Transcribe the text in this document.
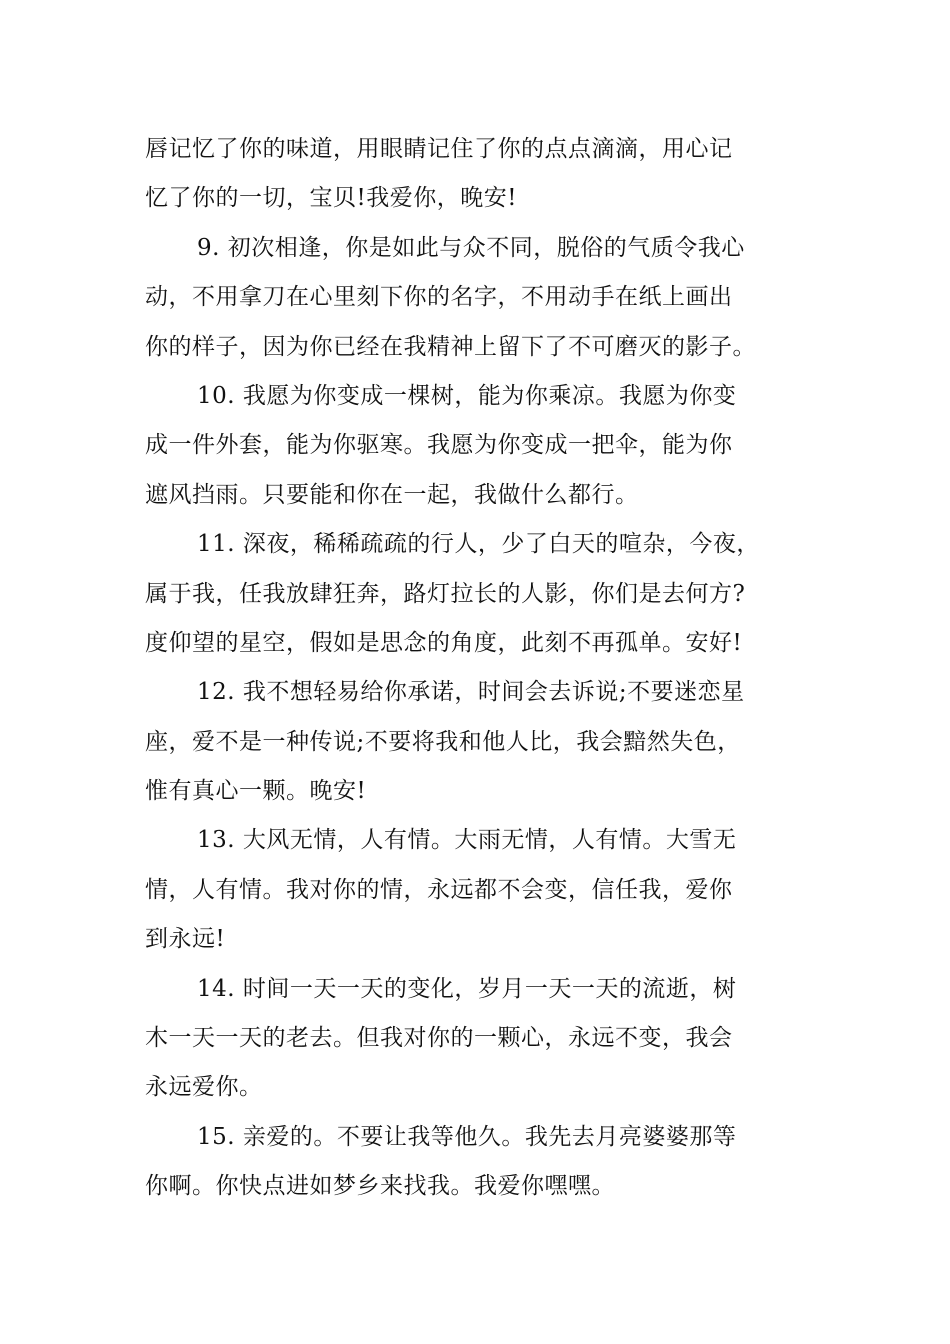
唇记忆了你的味道，用眼睛记住了你的点点滴滴，用心记
忆了你的一切，宝贝!我爱你，晚安!
9. 初次相逢，你是如此与众不同，脱俗的气质令我心
动，不用拿刀在心里刻下你的名字，不用动手在纸上画出
你的样子，因为你已经在我精神上留下了不可磨灭的影子。
10. 我愿为你变成一棵树，能为你乘凉。我愿为你变
成一件外套，能为你驱寒。我愿为你变成一把伞，能为你
遮风挡雨。只要能和你在一起，我做什么都行。
11. 深夜，稀稀疏疏的行人，少了白天的喧杂，今夜，
属于我，任我放肆狂奔，路灯拉长的人影，你们是去何方?
度仰望的星空，假如是思念的角度，此刻不再孤单。安好!
12. 我不想轻易给你承诺，时间会去诉说;不要迷恋星
座，爱不是一种传说;不要将我和他人比，我会黯然失色，
惟有真心一颗。晚安!
13. 大风无情，人有情。大雨无情，人有情。大雪无
情，人有情。我对你的情，永远都不会变，信任我，爱你
到永远!
14. 时间一天一天的变化，岁月一天一天的流逝，树
木一天一天的老去。但我对你的一颗心，永远不变，我会
永远爱你。
15. 亲爱的。不要让我等他久。我先去月亮婆婆那等
你啊。你快点进如梦乡来找我。我爱你嘿嘿。
